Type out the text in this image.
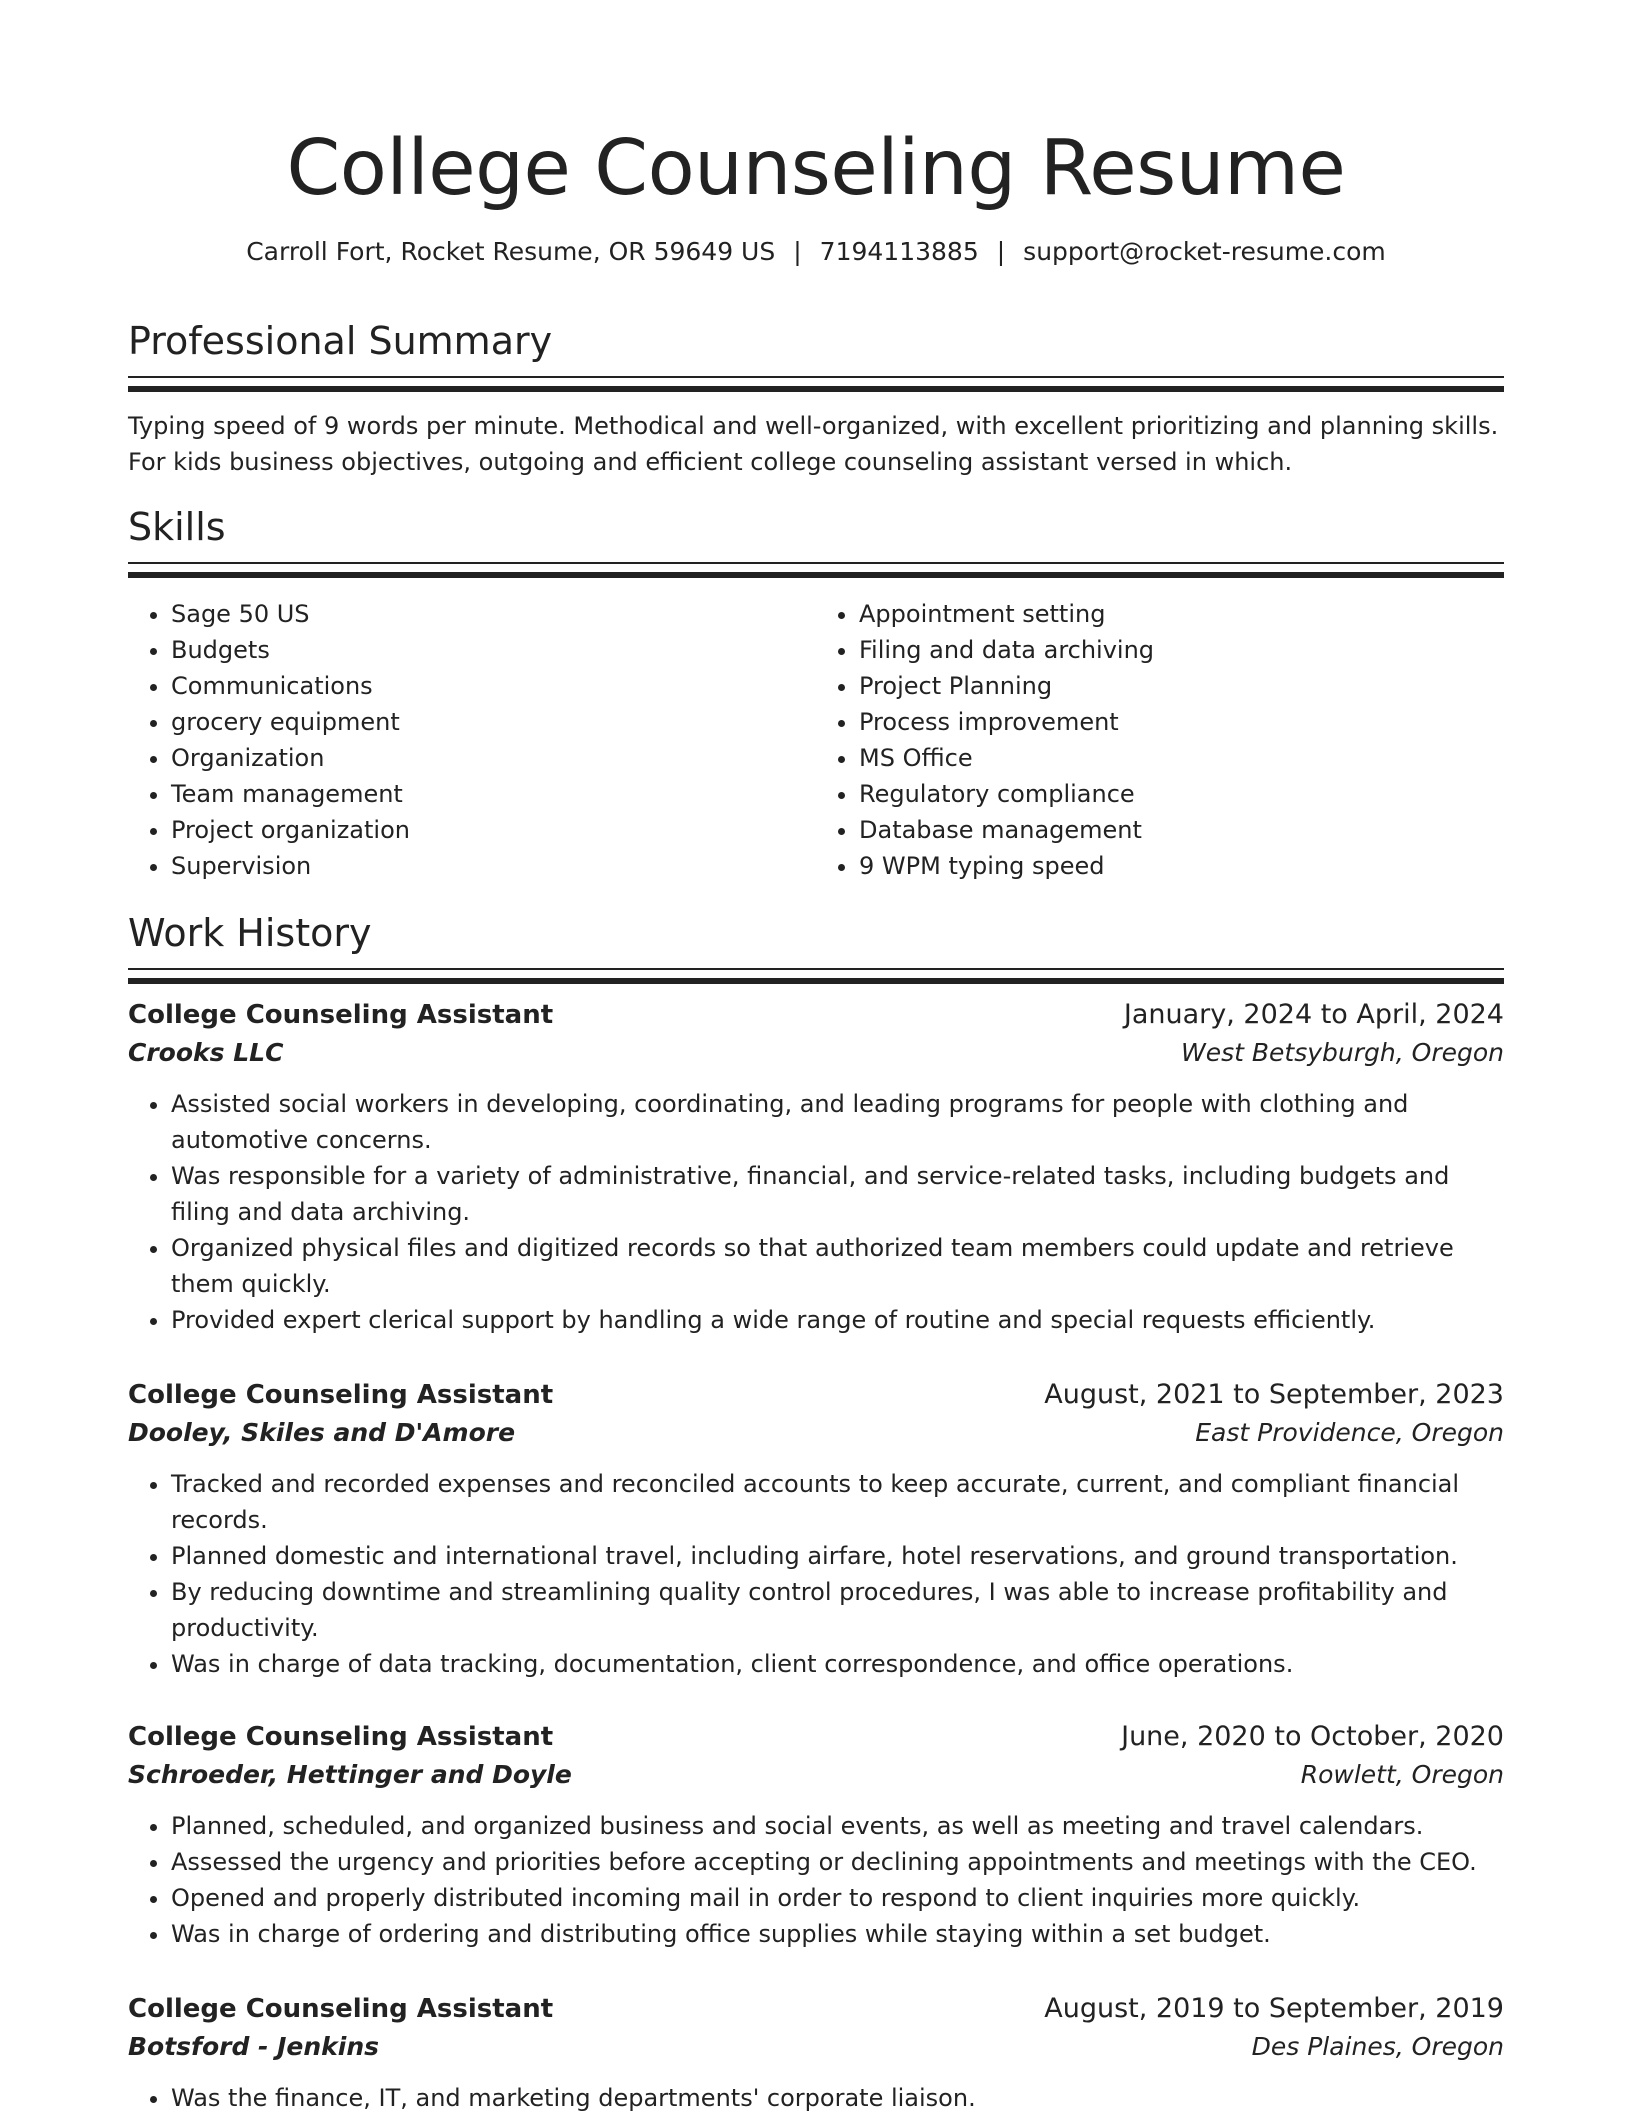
College Counseling Resume
Carroll Fort, Rocket Resume, OR 59649 US | 7194113885 | support@rocket-resume.com
Professional Summary

Typing speed of 9 words per minute. Methodical and well-organized, with excellent prioritizing and planning skills. For kids business objectives, outgoing and efficient college counseling assistant versed in which.

Skills
• Sage 50 US
• Budgets
• Communications
• grocery equipment
• Organization
• Team management
• Project organization
• Supervision
• Appointment setting
• Filing and data archiving
• Project Planning
• Process improvement
• MS Office
• Regulatory compliance
• Database management
• 9 WPM typing speed
Work History
College Counseling Assistant	January, 2024 to April, 2024
Crooks LLC	West Betsyburgh, Oregon
• Assisted social workers in developing, coordinating, and leading programs for people with clothing and automotive concerns.
• Was responsible for a variety of administrative, financial, and service-related tasks, including budgets and filing and data archiving.
• Organized physical files and digitized records so that authorized team members could update and retrieve them quickly.
• Provided expert clerical support by handling a wide range of routine and special requests efficiently.
College Counseling Assistant	August, 2021 to September, 2023
Dooley, Skiles and D'Amore	East Providence, Oregon
• Tracked and recorded expenses and reconciled accounts to keep accurate, current, and compliant financial records.
• Planned domestic and international travel, including airfare, hotel reservations, and ground transportation.
• By reducing downtime and streamlining quality control procedures, I was able to increase profitability and productivity.
• Was in charge of data tracking, documentation, client correspondence, and office operations.
College Counseling Assistant	June, 2020 to October, 2020
Schroeder, Hettinger and Doyle	Rowlett, Oregon
• Planned, scheduled, and organized business and social events, as well as meeting and travel calendars.
• Assessed the urgency and priorities before accepting or declining appointments and meetings with the CEO.
• Opened and properly distributed incoming mail in order to respond to client inquiries more quickly.
• Was in charge of ordering and distributing office supplies while staying within a set budget.
College Counseling Assistant	August, 2019 to September, 2019
Botsford - Jenkins	Des Plaines, Oregon
• Was the finance, IT, and marketing departments' corporate liaison.
